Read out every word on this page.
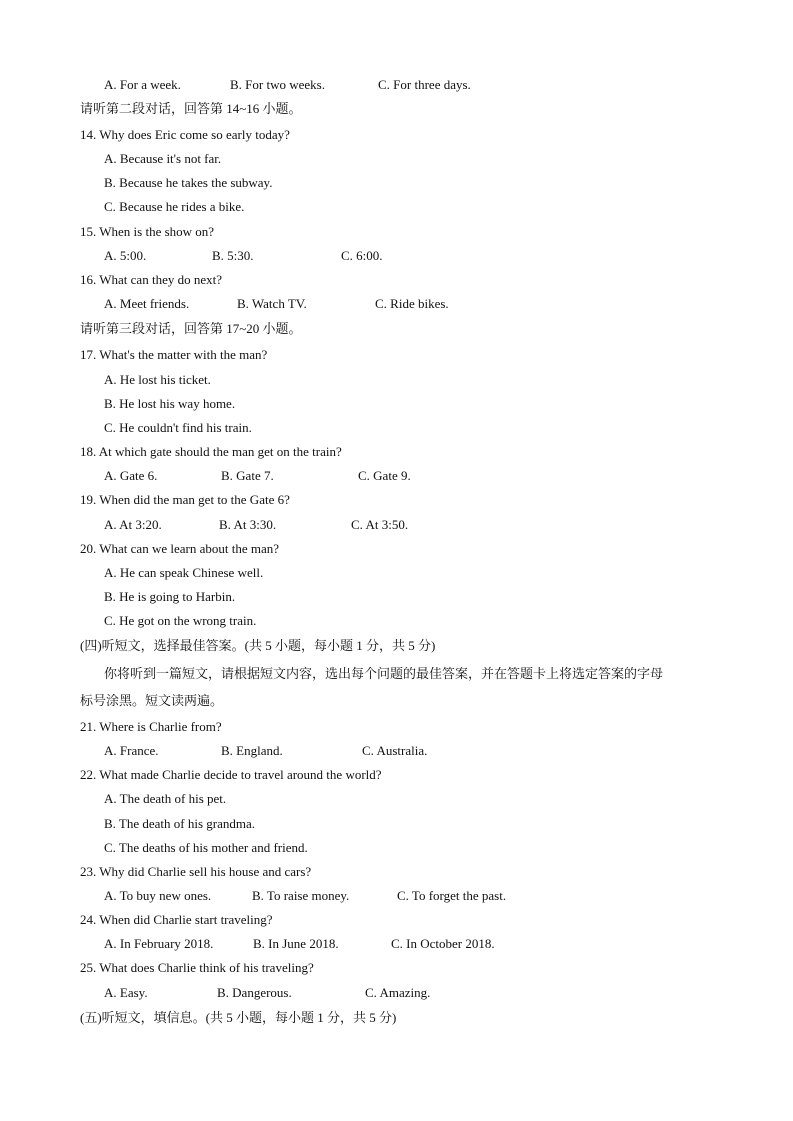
A. For a week.	B. For two weeks.	C. For three days.
请听第二段对话，回答第 14~16 小题。
14. Why does Eric come so early today?
A. Because it's not far.
B. Because he takes the subway.
C. Because he rides a bike.
15. When is the show on?
A. 5:00.	B. 5:30.	C. 6:00.
16. What can they do next?
A. Meet friends.	B. Watch TV.	C. Ride bikes.
请听第三段对话，回答第 17~20 小题。
17. What's the matter with the man?
A. He lost his ticket.
B. He lost his way home.
C. He couldn't find his train.
18. At which gate should the man get on the train?
A. Gate 6.	B. Gate 7.	C. Gate 9.
19. When did the man get to the Gate 6?
A. At 3:20.	B. At 3:30.	C. At 3:50.
20. What can we learn about the man?
A. He can speak Chinese well.
B. He is going to Harbin.
C. He got on the wrong train.
(四)听短文，选择最佳答案。(共 5 小题，每小题 1 分，共 5 分)
你将听到一篇短文，请根据短文内容，选出每个问题的最佳答案，并在答题卡上将选定答案的字母
标号涂黑。短文读两遍。
21. Where is Charlie from?
A. France.	B. England.	C. Australia.
22. What made Charlie decide to travel around the world?
A. The death of his pet.
B. The death of his grandma.
C. The deaths of his mother and friend.
23. Why did Charlie sell his house and cars?
A. To buy new ones.	B. To raise money.	C. To forget the past.
24. When did Charlie start traveling?
A. In February 2018.	B. In June 2018.	C. In October 2018.
25. What does Charlie think of his traveling?
A. Easy.	B. Dangerous.	C. Amazing.
(五)听短文，填信息。(共 5 小题，每小题 1 分，共 5 分)
